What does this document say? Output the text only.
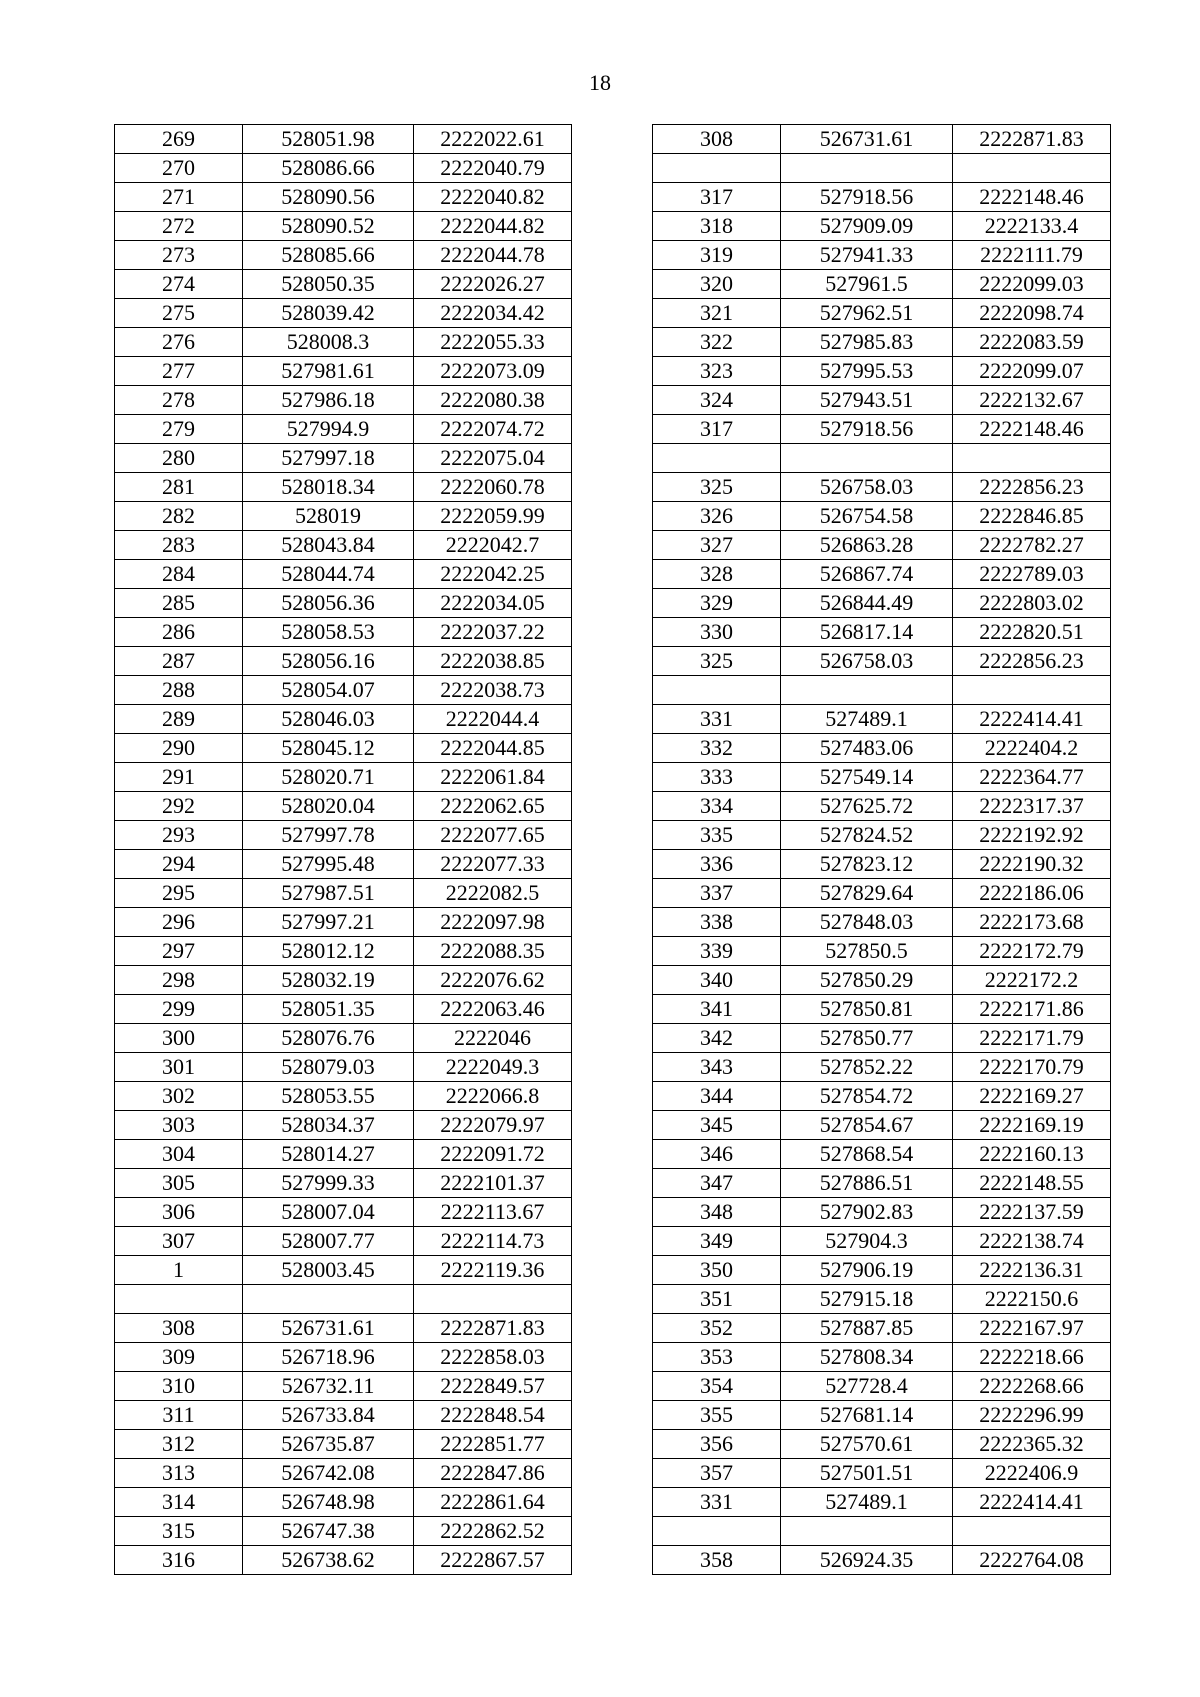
18
269	528051.98	2222022.61
270	528086.66	2222040.79
271	528090.56	2222040.82
272	528090.52	2222044.82
273	528085.66	2222044.78
274	528050.35	2222026.27
275	528039.42	2222034.42
276	528008.3	2222055.33
277	527981.61	2222073.09
278	527986.18	2222080.38
279	527994.9	2222074.72
280	527997.18	2222075.04
281	528018.34	2222060.78
282	528019	2222059.99
283	528043.84	2222042.7
284	528044.74	2222042.25
285	528056.36	2222034.05
286	528058.53	2222037.22
287	528056.16	2222038.85
288	528054.07	2222038.73
289	528046.03	2222044.4
290	528045.12	2222044.85
291	528020.71	2222061.84
292	528020.04	2222062.65
293	527997.78	2222077.65
294	527995.48	2222077.33
295	527987.51	2222082.5
296	527997.21	2222097.98
297	528012.12	2222088.35
298	528032.19	2222076.62
299	528051.35	2222063.46
300	528076.76	2222046
301	528079.03	2222049.3
302	528053.55	2222066.8
303	528034.37	2222079.97
304	528014.27	2222091.72
305	527999.33	2222101.37
306	528007.04	2222113.67
307	528007.77	2222114.73
1	528003.45	2222119.36

308	526731.61	2222871.83
309	526718.96	2222858.03
310	526732.11	2222849.57
311	526733.84	2222848.54
312	526735.87	2222851.77
313	526742.08	2222847.86
314	526748.98	2222861.64
315	526747.38	2222862.52
316	526738.62	2222867.57
308	526731.61	2222871.83

317	527918.56	2222148.46
318	527909.09	2222133.4
319	527941.33	2222111.79
320	527961.5	2222099.03
321	527962.51	2222098.74
322	527985.83	2222083.59
323	527995.53	2222099.07
324	527943.51	2222132.67
317	527918.56	2222148.46

325	526758.03	2222856.23
326	526754.58	2222846.85
327	526863.28	2222782.27
328	526867.74	2222789.03
329	526844.49	2222803.02
330	526817.14	2222820.51
325	526758.03	2222856.23

331	527489.1	2222414.41
332	527483.06	2222404.2
333	527549.14	2222364.77
334	527625.72	2222317.37
335	527824.52	2222192.92
336	527823.12	2222190.32
337	527829.64	2222186.06
338	527848.03	2222173.68
339	527850.5	2222172.79
340	527850.29	2222172.2
341	527850.81	2222171.86
342	527850.77	2222171.79
343	527852.22	2222170.79
344	527854.72	2222169.27
345	527854.67	2222169.19
346	527868.54	2222160.13
347	527886.51	2222148.55
348	527902.83	2222137.59
349	527904.3	2222138.74
350	527906.19	2222136.31
351	527915.18	2222150.6
352	527887.85	2222167.97
353	527808.34	2222218.66
354	527728.4	2222268.66
355	527681.14	2222296.99
356	527570.61	2222365.32
357	527501.51	2222406.9
331	527489.1	2222414.41

358	526924.35	2222764.08
